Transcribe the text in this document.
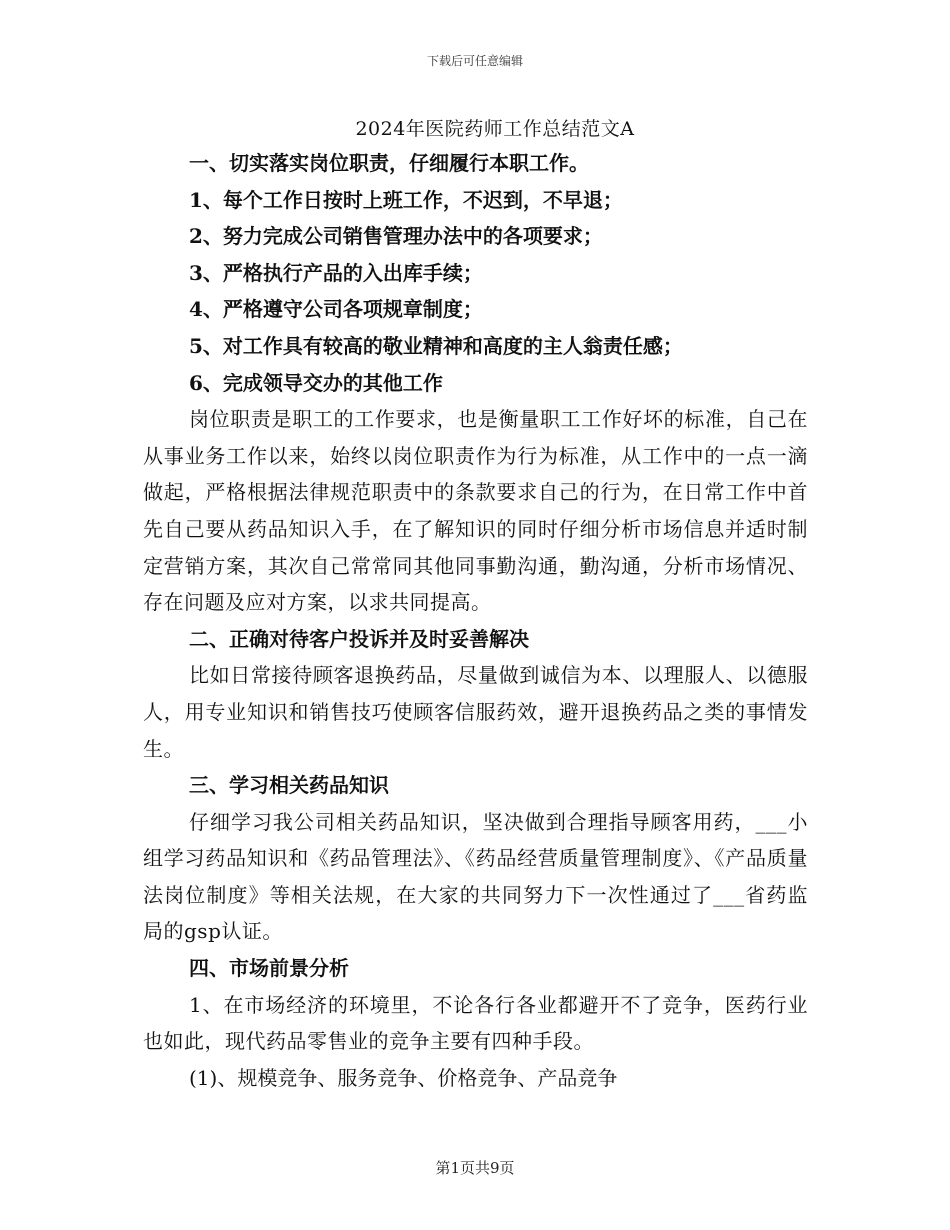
下载后可任意编辑
2024年医院药师工作总结范文A
一、切实落实岗位职责，仔细履行本职工作。
1、每个工作日按时上班工作，不迟到，不早退；
2、努力完成公司销售管理办法中的各项要求；
3、严格执行产品的入出库手续；
4、严格遵守公司各项规章制度；
5、对工作具有较高的敬业精神和高度的主人翁责任感；
6、完成领导交办的其他工作
岗位职责是职工的工作要求，也是衡量职工工作好坏的标准，自己在从事业务工作以来，始终以岗位职责作为行为标准，从工作中的一点一滴做起，严格根据法律规范职责中的条款要求自己的行为，在日常工作中首先自己要从药品知识入手，在了解知识的同时仔细分析市场信息并适时制定营销方案，其次自己常常同其他同事勤沟通，勤沟通，分析市场情况、存在问题及应对方案，以求共同提高。
二、正确对待客户投诉并及时妥善解决
比如日常接待顾客退换药品，尽量做到诚信为本、以理服人、以德服人，用专业知识和销售技巧使顾客信服药效，避开退换药品之类的事情发生。
三、学习相关药品知识
仔细学习我公司相关药品知识，坚决做到合理指导顾客用药，___小组学习药品知识和《药品管理法》、《药品经营质量管理制度》、《产品质量法岗位制度》等相关法规，在大家的共同努力下一次性通过了___省药监局的gsp认证。
四、市场前景分析
1、在市场经济的环境里，不论各行各业都避开不了竞争，医药行业也如此，现代药品零售业的竞争主要有四种手段。
(1)、规模竞争、服务竞争、价格竞争、产品竞争
第1页共9页
